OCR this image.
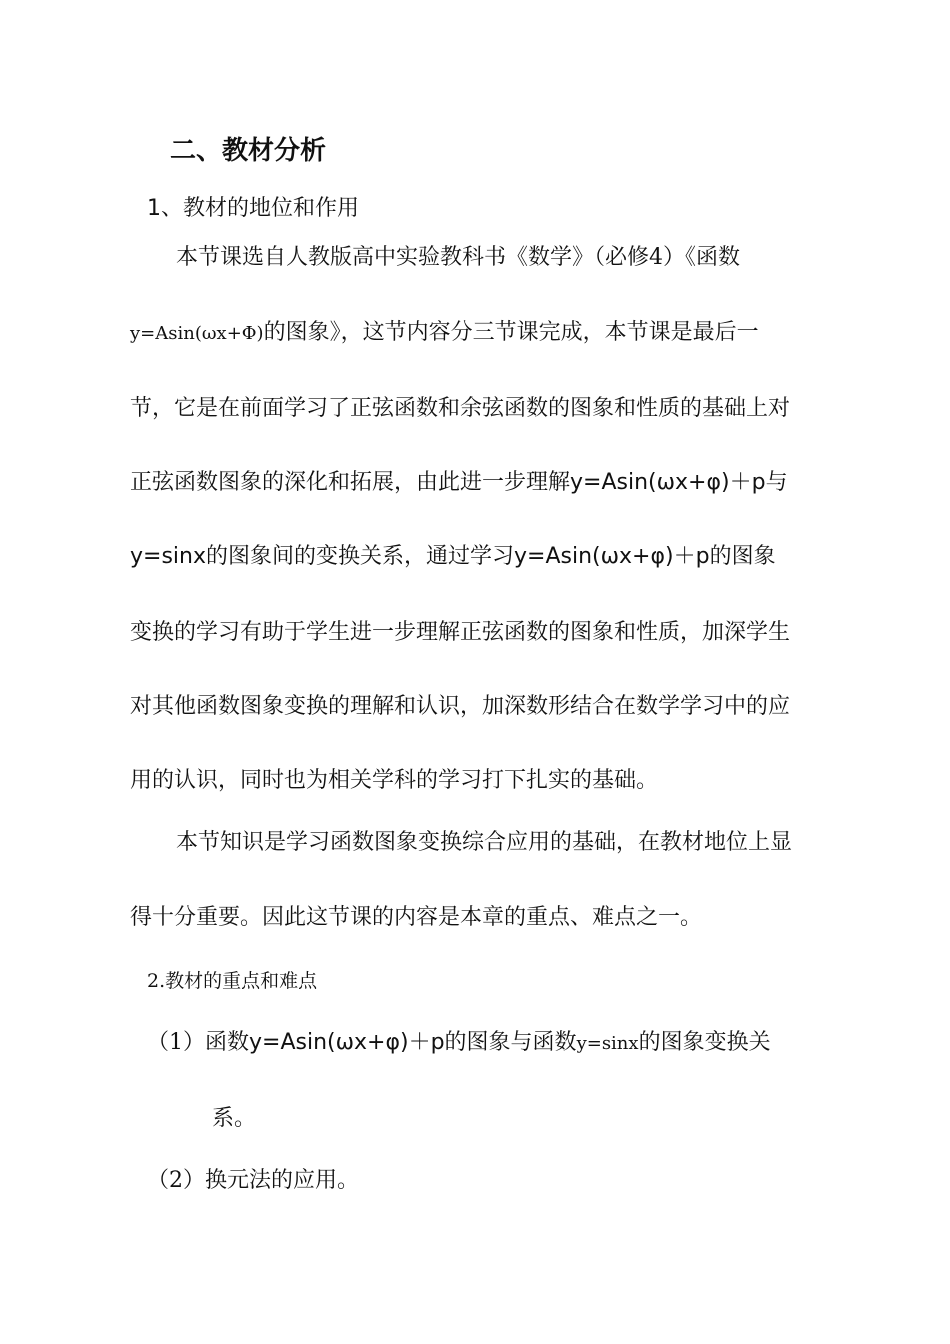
二、教材分析
1、教材的地位和作用
本节课选自人教版高中实验教科书《数学》（必修4）《函数
y=Asin(ωx+Φ)的图象》，这节内容分三节课完成，本节课是最后一
节，它是在前面学习了正弦函数和余弦函数的图象和性质的基础上对
正弦函数图象的深化和拓展，由此进一步理解y=Asin(ωx+φ)＋p与
y=sinx的图象间的变换关系，通过学习y=Asin(ωx+φ)＋p的图象
变换的学习有助于学生进一步理解正弦函数的图象和性质，加深学生
对其他函数图象变换的理解和认识，加深数形结合在数学学习中的应
用的认识，同时也为相关学科的学习打下扎实的基础。
本节知识是学习函数图象变换综合应用的基础，在教材地位上显
得十分重要。因此这节课的内容是本章的重点、难点之一。
2.教材的重点和难点
（1）函数y=Asin(ωx+φ)＋p的图象与函数y=sinx的图象变换关
系。
（2）换元法的应用。
